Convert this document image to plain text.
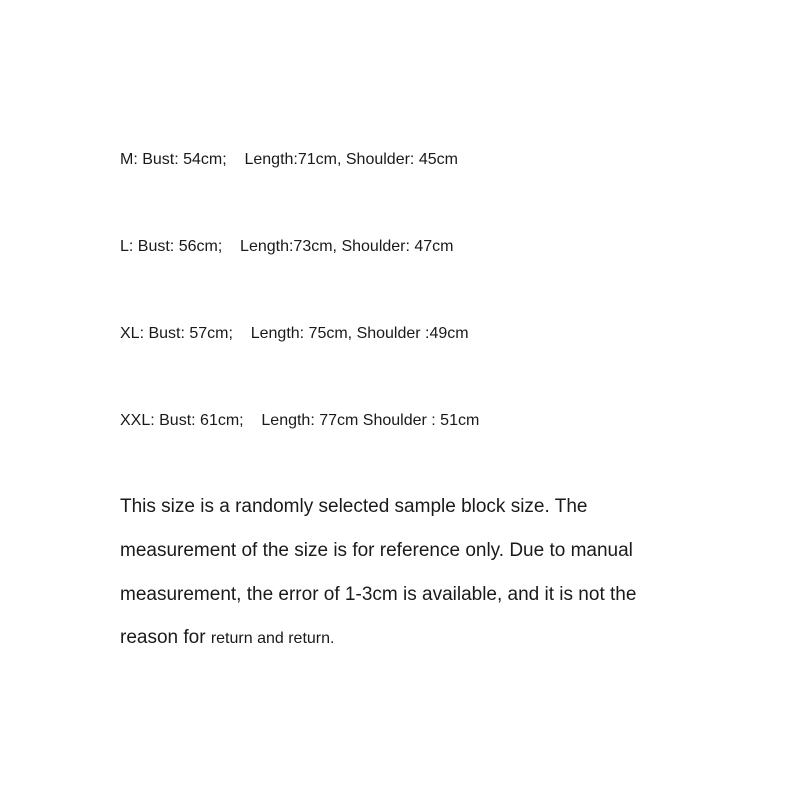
M: Bust: 54cm;    Length:71cm, Shoulder: 45cm
L: Bust: 56cm;    Length:73cm, Shoulder: 47cm
XL: Bust: 57cm;    Length: 75cm, Shoulder :49cm
XXL: Bust: 61cm;    Length: 77cm Shoulder : 51cm
This size is a randomly selected sample block size. The
measurement of the size is for reference only. Due to manual
measurement, the error of 1-3cm is available, and it is not the
reason for return and return.
